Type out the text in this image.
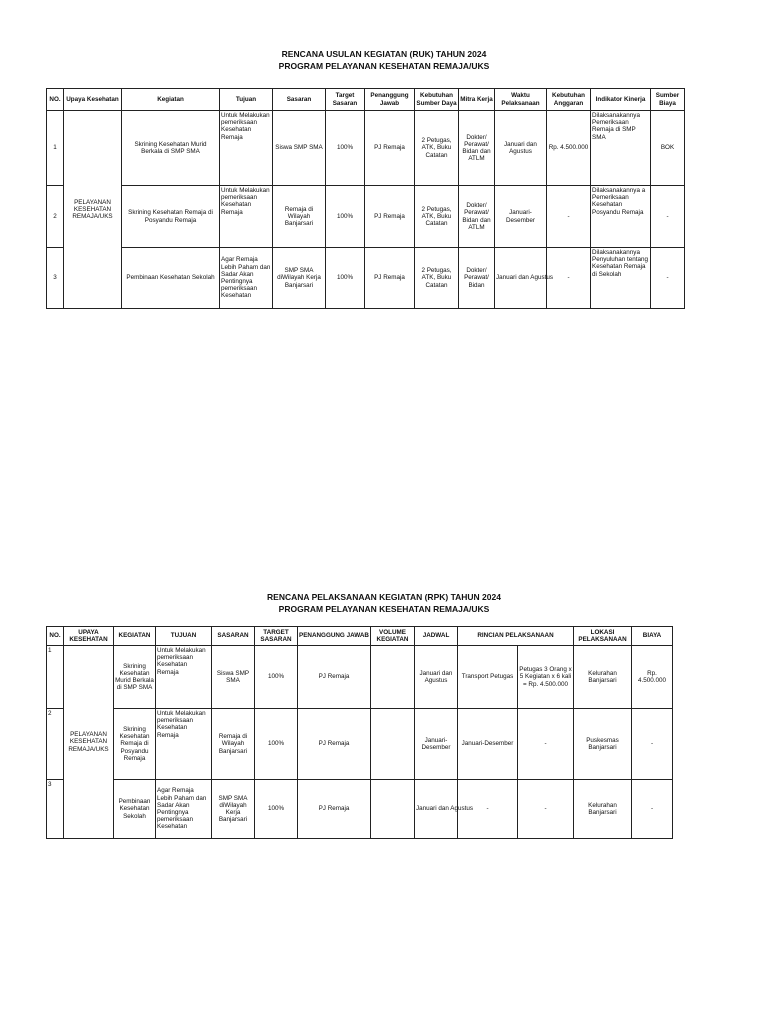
RENCANA USULAN KEGIATAN (RUK) TAHUN 2024
PROGRAM PELAYANAN KESEHATAN REMAJA/UKS
NO.	Upaya Kesehatan	Kegiatan	Tujuan	Sasaran	Target Sasaran	Penanggung Jawab	Kebutuhan Sumber Daya	Mitra Kerja	Waktu Pelaksanaan	Kebutuhan Anggaran	Indikator Kinerja	Sumber Biaya
1	PELAYANAN KESEHATAN REMAJA/UKS	Skrining Kesehatan Murid Berkala di SMP SMA	Untuk Melakukan pemeriksaan Kesehatan Remaja	Siswa SMP SMA	100%	PJ Remaja	2 Petugas, ATK, Buku Catatan	Dokter/ Perawat/ Bidan dan ATLM	Januari dan Agustus	Rp. 4.500.000	Dilaksanakannya Pemeriksaan Remaja di SMP SMA	BOK
2		Skrining Kesehatan Remaja di Posyandu Remaja	Untuk Melakukan pemeriksaan Kesehatan Remaja	Remaja di Wilayah Banjarsari	100%	PJ Remaja	2 Petugas, ATK, Buku Catatan	Dokter/ Perawat/ Bidan dan ATLM	Januari-Desember	-	Dilaksanakannya a Pemeriksaan Kesehatan Posyandu Remaja	-
3		Pembinaan Kesehatan Sekolah	Agar Remaja Lebih Paham dan Sadar Akan Pentingnya pemeriksaan Kesehatan	SMP SMA diWilayah Kerja Banjarsari	100%	PJ Remaja	2 Petugas, ATK, Buku Catatan	Dokter/ Perawat/ Bidan	Januari dan Agustus	-	Dilaksanakannya Penyuluhan tentang Kesehatan Remaja di Sekolah	-
RENCANA PELAKSANAAN KEGIATAN (RPK) TAHUN 2024
PROGRAM PELAYANAN KESEHATAN REMAJA/UKS
NO.	UPAYA KESEHATAN	KEGIATAN	TUJUAN	SASARAN	TARGET SASARAN	PENANGGUNG JAWAB	VOLUME KEGIATAN	JADWAL	RINCIAN PELAKSANAAN		LOKASI PELAKSANAAN	BIAYA
1	PELAYANAN KESEHATAN REMAJA/UKS	Skrining Kesehatan Murid Berkala di SMP SMA	Untuk Melakukan pemeriksaan Kesehatan Remaja	Siswa SMP SMA	100%	PJ Remaja		Januari dan Agustus	Transport Petugas	Petugas 3 Orang x 5 Kegiatan x 6 kali = Rp. 4.500.000	Kelurahan Banjarsari	Rp. 4.500.000
2		Skrining Kesehatan Remaja di Posyandu Remaja	Untuk Melakukan pemeriksaan Kesehatan Remaja	Remaja di Wilayah Banjarsari	100%	PJ Remaja		Januari-Desember	Januari-Desember	-	Puskesmas Banjarsari	-
3		Pembinaan Kesehatan Sekolah	Agar Remaja Lebih Paham dan Sadar Akan Pentingnya pemeriksaan Kesehatan	SMP SMA diWilayah Kerja Banjarsari	100%	PJ Remaja		Januari dan Agustus	-	-	Kelurahan Banjarsari	-
